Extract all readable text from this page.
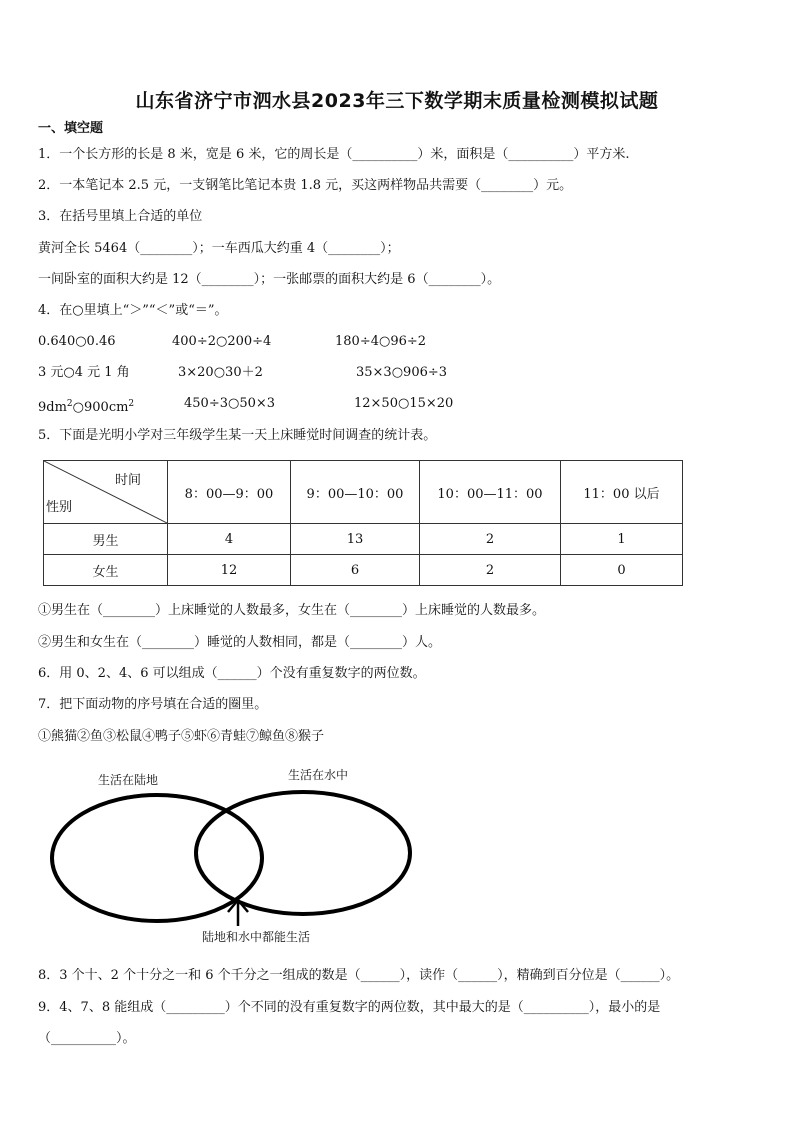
山东省济宁市泗水县2023年三下数学期末质量检测模拟试题
一、填空题
1．一个长方形的长是 8 米，宽是 6 米，它的周长是（__________）米，面积是（__________）平方米.
2．一本笔记本 2.5 元，一支钢笔比笔记本贵 1.8 元，买这两样物品共需要（________）元。
3．在括号里填上合适的单位
黄河全长 5464（________）；一车西瓜大约重 4（________）；
一间卧室的面积大约是 12（________）；一张邮票的面积大约是 6（________）。
4．在○里填上“＞”“＜”或“＝”。
0.640○0.46	400÷2○200÷4	180÷4○96÷2
3 元○4 元 1 角	3×20○30＋2	35×3○906÷3
$9dm^2○900cm^2$	450÷3○50×3	12×50○15×20
5．下面是光明小学对三年级学生某一天上床睡觉时间调查的统计表。
时间
性别	8：00—9：00	9：00—10：00	10：00—11：00	11：00 以后
男生	4	13	2	1
女生	12	6	2	0
①男生在（________）上床睡觉的人数最多，女生在（________）上床睡觉的人数最多。
②男生和女生在（________）睡觉的人数相同，都是（________）人。
6．用 0、2、4、6 可以组成（______）个没有重复数字的两位数。
7．把下面动物的序号填在合适的圈里。
①熊猫②鱼③松鼠④鸭子⑤虾⑥青蛙⑦鲸鱼⑧猴子
生活在陆地	生活在水中
陆地和水中都能生活
8．3 个十、2 个十分之一和 6 个千分之一组成的数是（______），读作（______），精确到百分位是（______）。
9．4、7、8 能组成（_________）个不同的没有重复数字的两位数，其中最大的是（__________），最小的是
（__________）。
